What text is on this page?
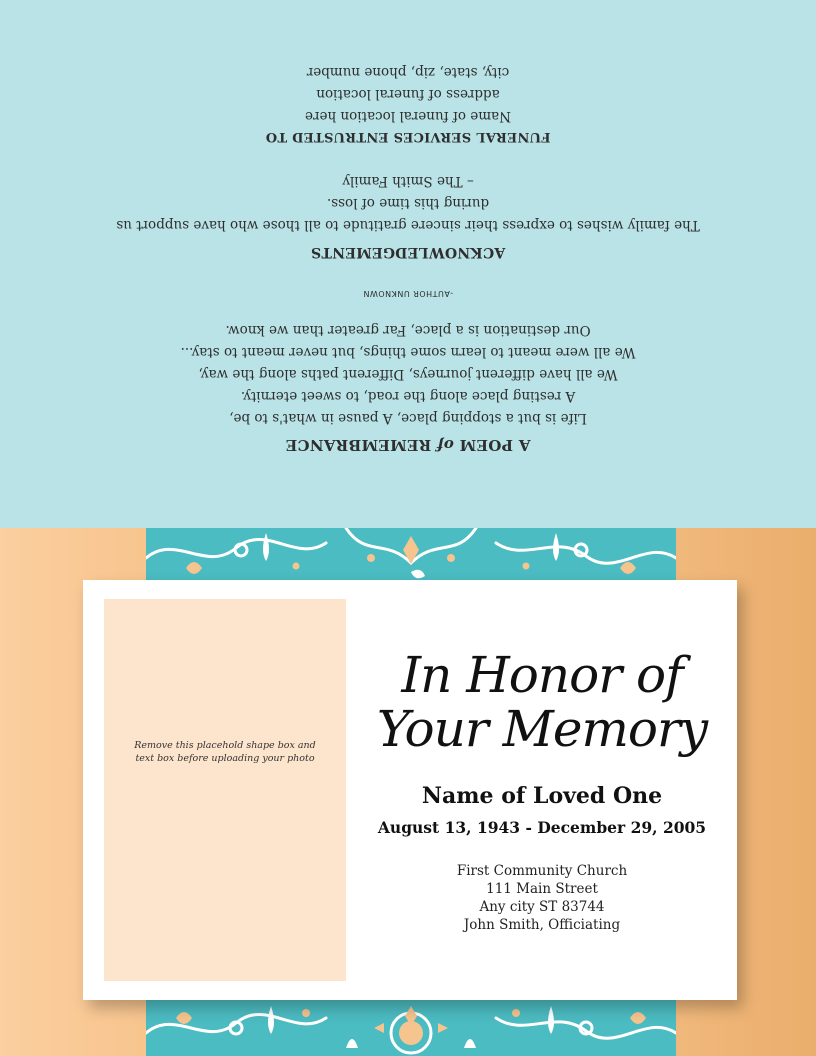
A POEM of REMEMBRANCE
Life is but a stopping place, A pause in what's to be,
A resting place along the road, to sweet eternity.
We all have different journeys, Different paths along the way,
We all were meant to learn some things, but never meant to stay...
Our destination is a place, Far greater than we know.
-AUTHOR UNKNOWN
ACKNOWLEDGEMENTS
The family wishes to express their sincere gratitude to all those who have support us
during this time of loss.
– The Smith Family
FUNERAL SERVICES ENTRUSTED TO
Name of funeral location here
address of funeral location
city, state, zip, phone number
Remove this placehold shape box and text box before uploading your photo
In Honor of
Your Memory
Name of Loved One
August 13, 1943 - December 29, 2005
First Community Church
111 Main Street
Any city ST 83744
John Smith, Officiating
